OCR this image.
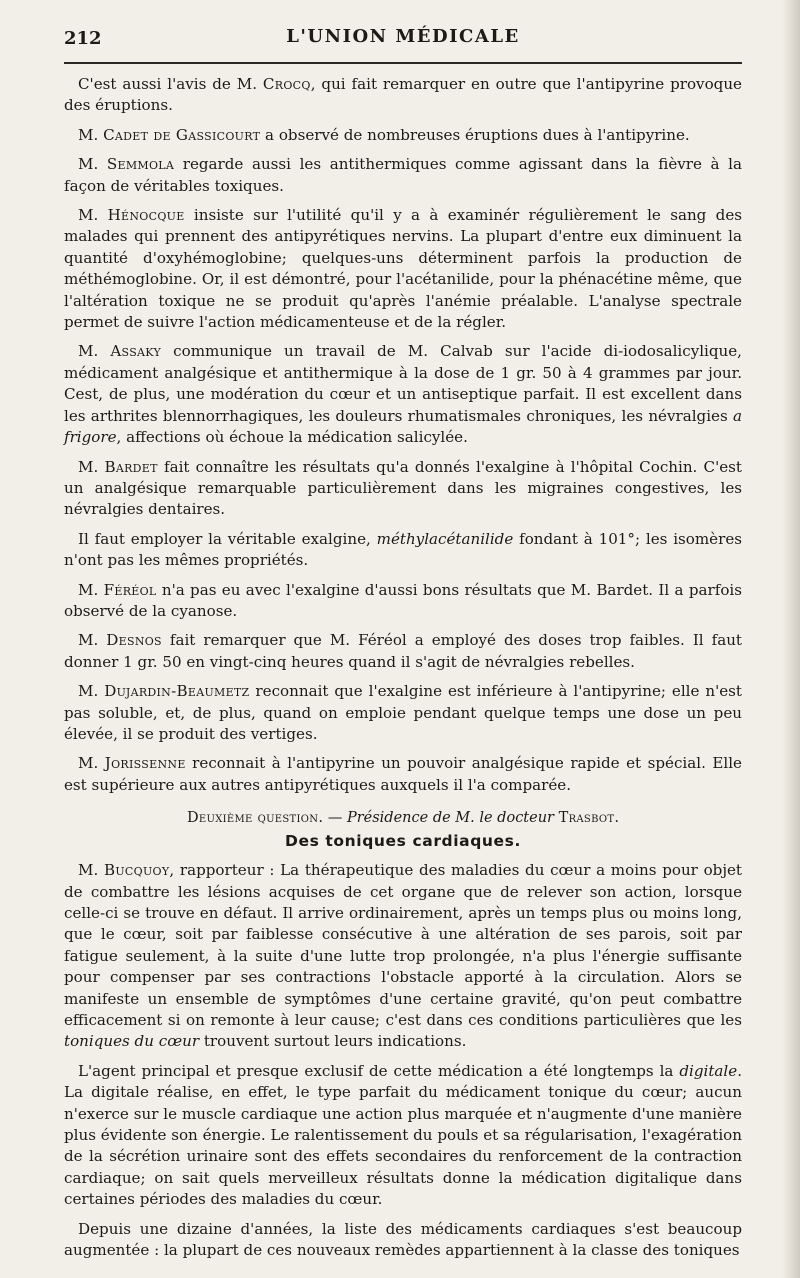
212	L'UNION MÉDICALE

C'est aussi l'avis de M. Crocq, qui fait remarquer en outre que l'antipyrine provoque des éruptions.

M. Cadet de Gassicourt a observé de nombreuses éruptions dues à l'antipyrine.

M. Semmola regarde aussi les antithermiques comme agissant dans la fièvre à la façon de véritables toxiques.

M. Hénocque insiste sur l'utilité qu'il y a à examinér régulièrement le sang des malades qui prennent des antipyrétiques nervins. La plupart d'entre eux diminuent la quantité d'oxyhémoglobine; quelques-uns déterminent parfois la production de méthémoglobine. Or, il est démontré, pour l'acétanilide, pour la phénacétine même, que l'altération toxique ne se produit qu'après l'anémie préalable. L'analyse spectrale permet de suivre l'action médicamenteuse et de la régler.

M. Assaky communique un travail de M. Calvab sur l'acide di-iodosalicylique, médicament analgésique et antithermique à la dose de 1 gr. 50 à 4 grammes par jour. Cest, de plus, une modération du cœur et un antiseptique parfait. Il est excellent dans les arthrites blennorrhagiques, les douleurs rhumatismales chroniques, les névralgies a frigore, affections où échoue la médication salicylée.

M. Bardet fait connaître les résultats qu'a donnés l'exalgine à l'hôpital Cochin. C'est un analgésique remarquable particulièrement dans les migraines congestives, les névralgies dentaires.

Il faut employer la véritable exalgine, méthylacétanilide fondant à 101°; les isomères n'ont pas les mêmes propriétés.

M. Féréol n'a pas eu avec l'exalgine d'aussi bons résultats que M. Bardet. Il a parfois observé de la cyanose.

M. Desnos fait remarquer que M. Féréol a employé des doses trop faibles. Il faut donner 1 gr. 50 en vingt-cinq heures quand il s'agit de névralgies rebelles.

M. Dujardin-Beaumetz reconnait que l'exalgine est inférieure à l'antipyrine; elle n'est pas soluble, et, de plus, quand on emploie pendant quelque temps une dose un peu élevée, il se produit des vertiges.

M. Jorissenne reconnait à l'antipyrine un pouvoir analgésique rapide et spécial. Elle est supérieure aux autres antipyrétiques auxquels il l'a comparée.

Deuxième question. — Présidence de M. le docteur Trasbot.
Des toniques cardiaques.

M. Bucquoy, rapporteur : La thérapeutique des maladies du cœur a moins pour objet de combattre les lésions acquises de cet organe que de relever son action, lorsque celle-ci se trouve en défaut. Il arrive ordinairement, après un temps plus ou moins long, que le cœur, soit par faiblesse consécutive à une altération de ses parois, soit par fatigue seulement, à la suite d'une lutte trop prolongée, n'a plus l'énergie suffisante pour compenser par ses contractions l'obstacle apporté à la circulation. Alors se manifeste un ensemble de symptômes d'une certaine gravité, qu'on peut combattre efficacement si on remonte à leur cause; c'est dans ces conditions particulières que les toniques du cœur trouvent surtout leurs indications.

L'agent principal et presque exclusif de cette médication a été longtemps la digitale. La digitale réalise, en effet, le type parfait du médicament tonique du cœur; aucun n'exerce sur le muscle cardiaque une action plus marquée et n'augmente d'une manière plus évidente son énergie. Le ralentissement du pouls et sa régularisation, l'exagération de la sécrétion urinaire sont des effets secondaires du renforcement de la contraction cardiaque; on sait quels merveilleux résultats donne la médication digitalique dans certaines périodes des maladies du cœur.

Depuis une dizaine d'années, la liste des médicaments cardiaques s'est beaucoup augmentée : la plupart de ces nouveaux remèdes appartiennent à la classe des toniques
